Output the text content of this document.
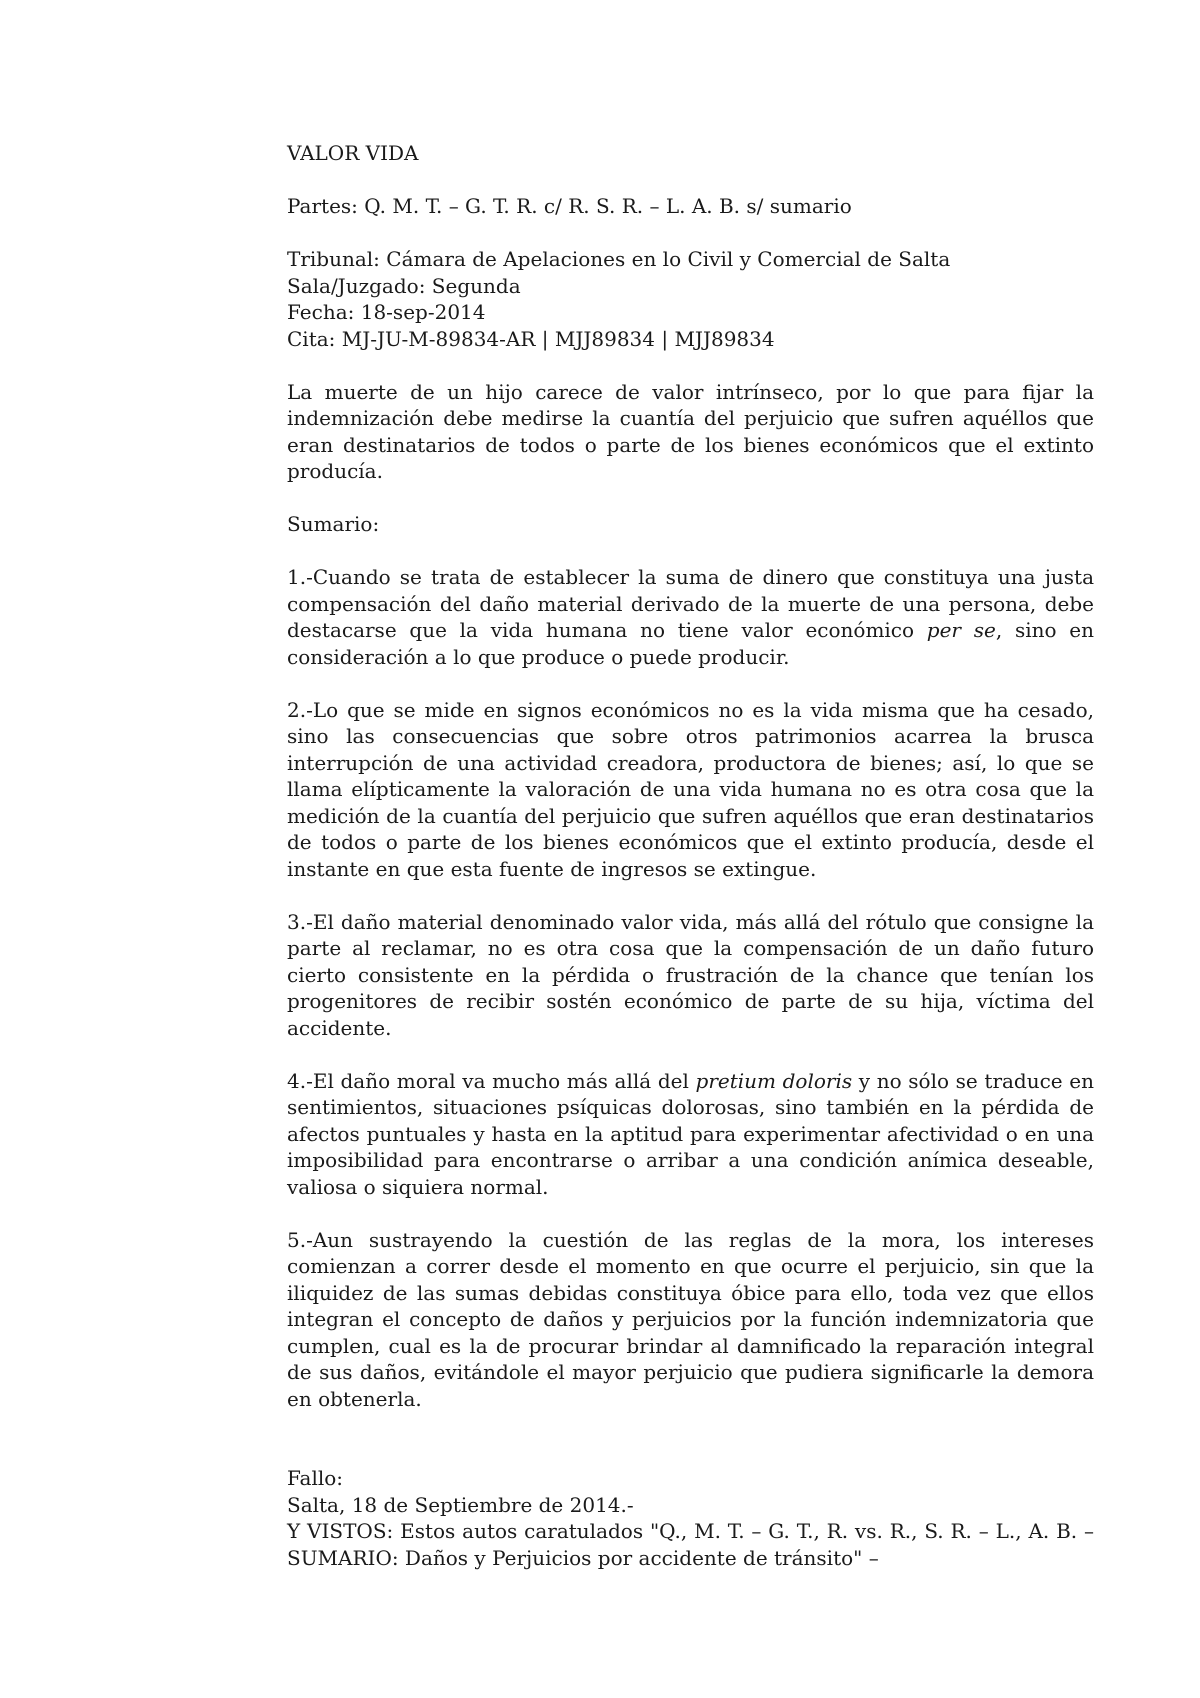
VALOR VIDA

Partes: Q. M. T. – G. T. R. c/ R. S. R. – L. A. B. s/ sumario

Tribunal: Cámara de Apelaciones en lo Civil y Comercial de Salta

Sala/Juzgado: Segunda

Fecha: 18-sep-2014

Cita: MJ-JU-M-89834-AR | MJJ89834 | MJJ89834

La muerte de un hijo carece de valor intrínseco, por lo que para fijar la indemnización debe medirse la cuantía del perjuicio que sufren aquéllos que eran destinatarios de todos o parte de los bienes económicos que el extinto producía.

Sumario:

1.-Cuando se trata de establecer la suma de dinero que constituya una justa compensación del daño material derivado de la muerte de una persona, debe destacarse que la vida humana no tiene valor económico per se, sino en consideración a lo que produce o puede producir.

2.-Lo que se mide en signos económicos no es la vida misma que ha cesado, sino las consecuencias que sobre otros patrimonios acarrea la brusca interrupción de una actividad creadora, productora de bienes; así, lo que se llama elípticamente la valoración de una vida humana no es otra cosa que la medición de la cuantía del perjuicio que sufren aquéllos que eran destinatarios de todos o parte de los bienes económicos que el extinto producía, desde el instante en que esta fuente de ingresos se extingue.

3.-El daño material denominado valor vida, más allá del rótulo que consigne la parte al reclamar, no es otra cosa que la compensación de un daño futuro cierto consistente en la pérdida o frustración de la chance que tenían los progenitores de recibir sostén económico de parte de su hija, víctima del accidente.

4.-El daño moral va mucho más allá del pretium doloris y no sólo se traduce en sentimientos, situaciones psíquicas dolorosas, sino también en la pérdida de afectos puntuales y hasta en la aptitud para experimentar afectividad o en una imposibilidad para encontrarse o arribar a una condición anímica deseable, valiosa o siquiera normal.

5.-Aun sustrayendo la cuestión de las reglas de la mora, los intereses comienzan a correr desde el momento en que ocurre el perjuicio, sin que la iliquidez de las sumas debidas constituya óbice para ello, toda vez que ellos integran el concepto de daños y perjuicios por la función indemnizatoria que cumplen, cual es la de procurar brindar al damnificado la reparación integral de sus daños, evitándole el mayor perjuicio que pudiera significarle la demora en obtenerla.

Fallo:

Salta, 18 de Septiembre de 2014.-

Y VISTOS: Estos autos caratulados "Q., M. T. – G. T., R. vs. R., S. R. – L., A. B. – SUMARIO: Daños y Perjuicios por accidente de tránsito" –
